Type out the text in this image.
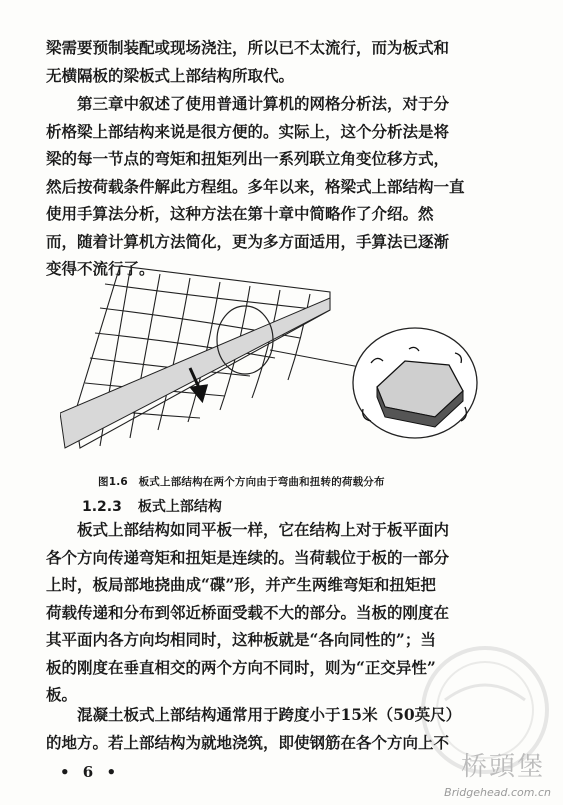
梁需要预制装配或现场浇注，所以已不太流行，而为板式和
无横隔板的梁板式上部结构所取代。

　　第三章中叙述了使用普通计算机的网格分析法，对于分
析格梁上部结构来说是很方便的。实际上，这个分析法是将
梁的每一节点的弯矩和扭矩列出一系列联立角变位移方式，
然后按荷载条件解此方程组。多年以来，格梁式上部结构一直
使用手算法分析，这种方法在第十章中简略作了介绍。然
而，随着计算机方法简化，更为多方面适用，手算法已逐渐
变得不流行了。

图1.6　板式上部结构在两个方向由于弯曲和扭转的荷载分布
1.2.3 板式上部结构

　　板式上部结构如同平板一样，它在结构上对于板平面内
各个方向传递弯矩和扭矩是连续的。当荷载位于板的一部分
上时，板局部地挠曲成“碟”形，并产生两维弯矩和扭矩把
荷载传递和分布到邻近桥面受载不大的部分。当板的刚度在
其平面内各方向均相同时，这种板就是“各向同性的”；当
板的刚度在垂直相交的两个方向不同时，则为“正交异性”
板。

　　混凝土板式上部结构通常用于跨度小于15米（50英尺）
的地方。若上部结构为就地浇筑，即使钢筋在各个方向上不

• 6 •	桥頭堡
Bridgehead.com.cn
